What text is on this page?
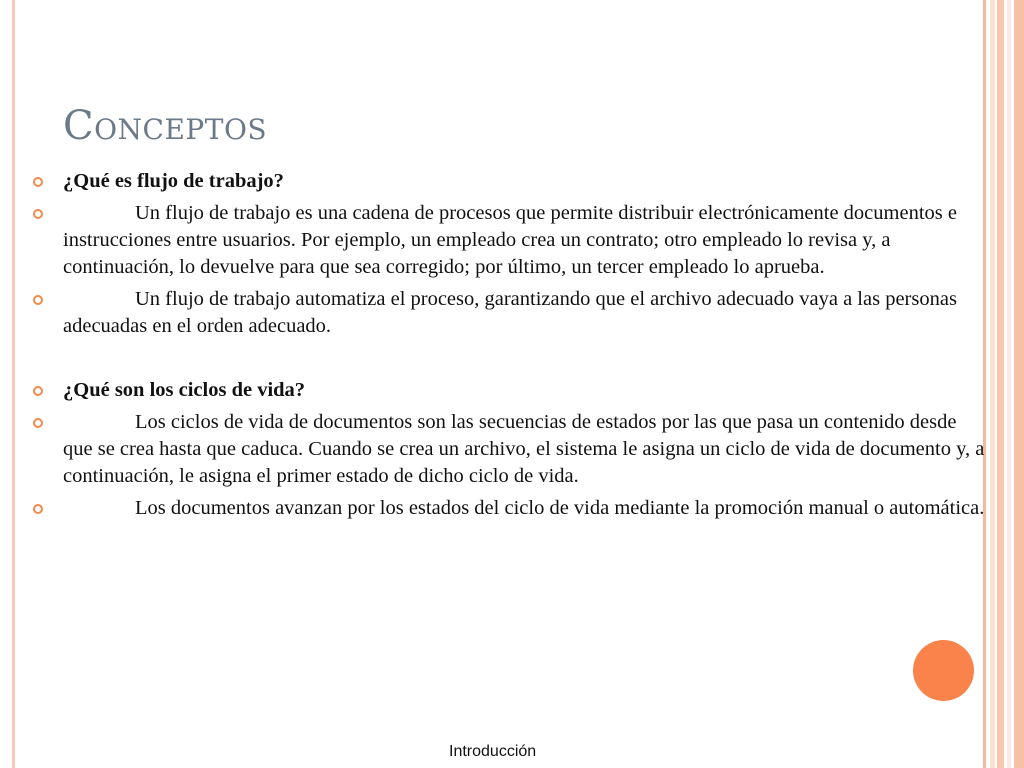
Conceptos
¿Qué es flujo de trabajo?
Un flujo de trabajo es una cadena de procesos que permite distribuir electrónicamente documentos e instrucciones entre usuarios. Por ejemplo, un empleado crea un contrato; otro empleado lo revisa y, a continuación, lo devuelve para que sea corregido; por último, un tercer empleado lo aprueba.
Un flujo de trabajo automatiza el proceso, garantizando que el archivo adecuado vaya a las personas adecuadas en el orden adecuado.
¿Qué son los ciclos de vida?
Los ciclos de vida de documentos son las secuencias de estados por las que pasa un contenido desde que se crea hasta que caduca. Cuando se crea un archivo, el sistema le asigna un ciclo de vida de documento y, a continuación, le asigna el primer estado de dicho ciclo de vida.
Los documentos avanzan por los estados del ciclo de vida mediante la promoción manual o automática.
Introducción
